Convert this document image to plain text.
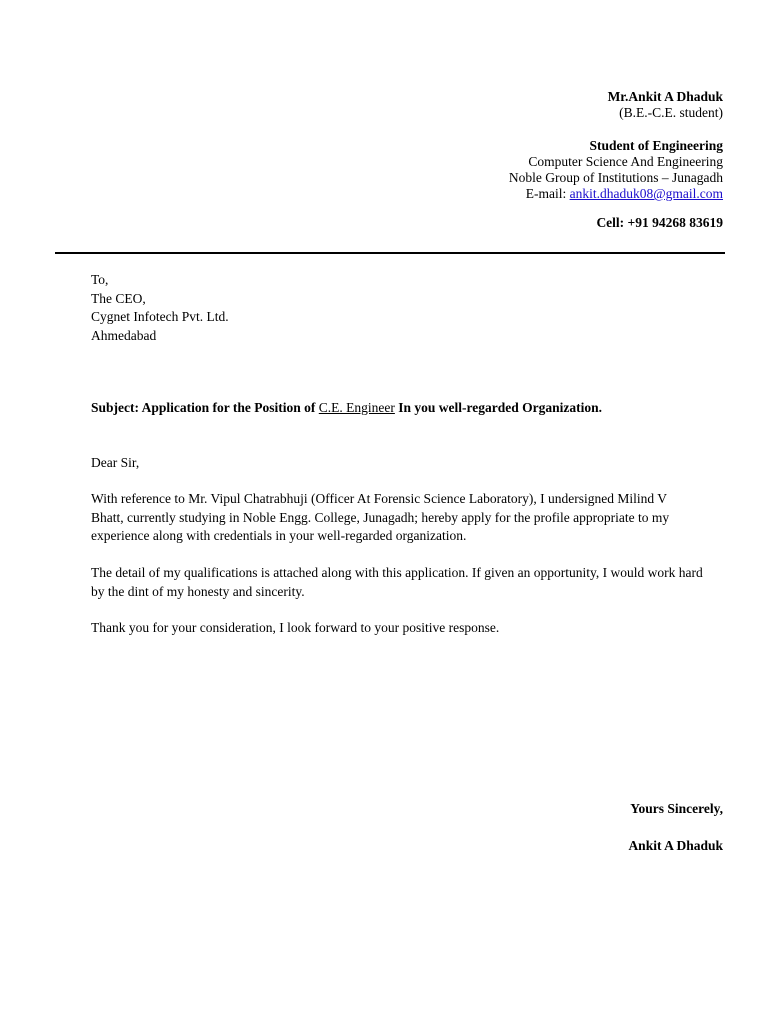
Mr.Ankit A Dhaduk
(B.E.-C.E. student)
Student of Engineering
Computer Science And Engineering
Noble Group of Institutions – Junagadh
E-mail: ankit.dhaduk08@gmail.com
Cell: +91 94268 83619
To,
The CEO,
Cygnet Infotech Pvt. Ltd.
Ahmedabad
Subject: Application for the Position of C.E. Engineer In you well-regarded Organization.
Dear Sir,
With reference to Mr. Vipul Chatrabhuji (Officer At Forensic Science Laboratory), I undersigned Milind V
Bhatt, currently studying in Noble Engg. College, Junagadh; hereby apply for the profile appropriate to my
experience along with credentials in your well-regarded organization.
The detail of my qualifications is attached along with this application. If given an opportunity, I would work hard
by the dint of my honesty and sincerity.
Thank you for your consideration, I look forward to your positive response.
Yours Sincerely,
Ankit A Dhaduk
